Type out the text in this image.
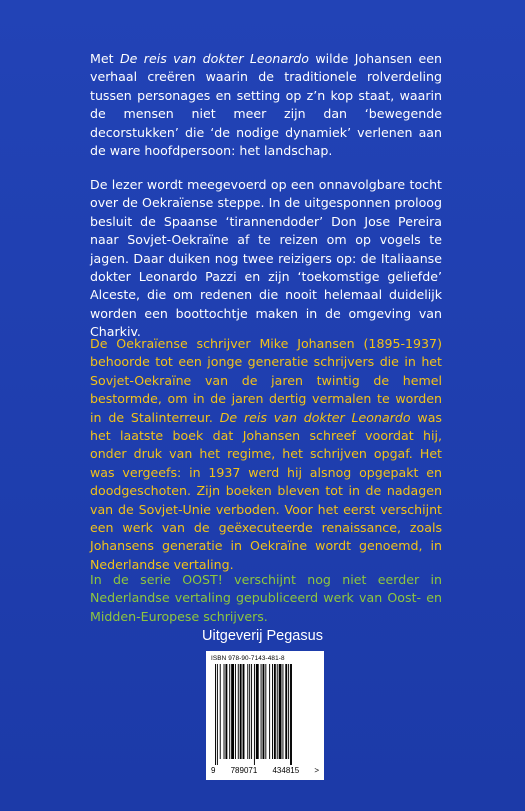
Met De reis van dokter Leonardo wilde Johansen een verhaal creëren waarin de traditionele rolverdeling tussen personages en setting op z’n kop staat, waarin de mensen niet meer zijn dan ‘bewegende decorstukken’ die ‘de nodige dynamiek’ verlenen aan de ware hoofdpersoon: het landschap.

De lezer wordt meegevoerd op een onnavolgbare tocht over de Oekraïense steppe. In de uitgesponnen proloog besluit de Spaanse ‘tirannendoder’ Don Jose Pereira naar Sovjet-Oekraïne af te reizen om op vogels te jagen. Daar duiken nog twee reizigers op: de Italiaanse dokter Leonardo Pazzi en zijn ‘toekomstige geliefde’ Alceste, die om redenen die nooit helemaal duidelijk worden een boottochtje maken in de omgeving van Charkiv.

De Oekraïense schrijver Mike Johansen (1895-1937) behoorde tot een jonge generatie schrijvers die in het Sovjet-Oekraïne van de jaren twintig de hemel bestormde, om in de jaren dertig vermalen te worden in de Stalinterreur. De reis van dokter Leonardo was het laatste boek dat Johansen schreef voordat hij, onder druk van het regime, het schrijven opgaf. Het was vergeefs: in 1937 werd hij alsnog opgepakt en doodgeschoten. Zijn boeken bleven tot in de nadagen van de Sovjet-Unie verboden. Voor het eerst verschijnt een werk van de geëxecuteerde renaissance, zoals Johansens generatie in Oekraïne wordt genoemd, in Nederlandse vertaling.

In de serie OOST! verschijnt nog niet eerder in Nederlandse vertaling gepubliceerd werk van Oost- en Midden-Europese schrijvers.

Uitgeverij Pegasus
ISBN 978-90-7143-481-8
9 789071 434815 >
